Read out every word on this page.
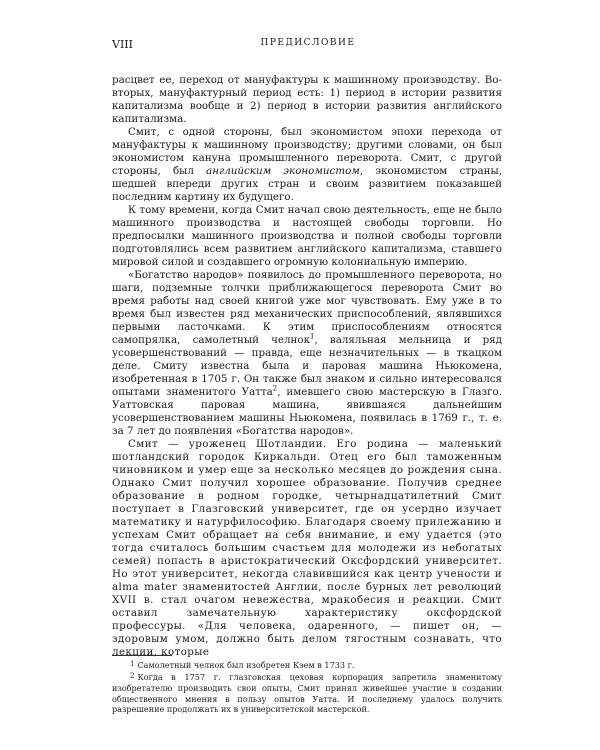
VIII	ПРЕДИСЛОВИЕ

расцвет ее, переход от мануфактуры к машинному производству. Во-вторых, мануфактурный период есть: 1) период в истории развития капитализма вообще и 2) период в истории развития английского капитализма.

Смит, с одной стороны, был экономистом эпохи перехода от мануфактуры к машинному производству; другими словами, он был экономистом кануна промышленного переворота. Смит, с другой стороны, был английским экономистом, экономистом страны, шедшей впереди других стран и своим развитием показавшей последним картину их будущего.

К тому времени, когда Смит начал свою деятельность, еще не было машинного производства и настоящей свободы торговли. Но предпосылки машинного производства и полной свободы торговли подготовлялись всем развитием английского капитализма, ставшего мировой силой и создавшего огромную колониальную империю.

«Богатство народов» появилось до промышленного переворота, но шаги, подземные толчки приближающегося переворота Смит во время работы над своей книгой уже мог чувствовать. Ему уже в то время был известен ряд механических приспособлений, являвшихся первыми ласточками. К этим приспособлениям относятся самопрялка, самолетный челнок$^1$, валяльная мельница и ряд усовершенствований — правда, еще незначительных — в ткацком деле. Смиту известна была и паровая машина Ньюкомена, изобретенная в 1705 г. Он также был знаком и сильно интересовался опытами знаменитого Уатта$^2$, имевшего свою мастерскую в Глазго. Уаттовская паровая машина, явившаяся дальнейшим усовершенствованием машины Ньюкомена, появилась в 1769 г., т. е. за 7 лет до появления «Богатства народов».

Смит — уроженец Шотландии. Его родина — маленький шотландский городок Киркальди. Отец его был таможенным чиновником и умер еще за несколько месяцев до рождения сына. Однако Смит получил хорошее образование. Получив среднее образование в родном городке, четырнадцатилетний Смит поступает в Глазговский университет, где он усердно изучает математику и натурфилософию. Благодаря своему прилежанию и успехам Смит обращает на себя внимание, и ему удается (это тогда считалось большим счастьем для молодежи из небогатых семей) попасть в аристократический Оксфордский университет. Но этот университет, некогда славившийся как центр учености и alma mater знаменитостей Англии, после бурных лет революций XVII в. стал очагом невежества, мракобесия и реакции. Смит оставил замечательную характеристику оксфордской профессуры. «Для человека, одаренного, — пишет он, — здоровым умом, должно быть делом тягостным сознавать, что лекции, которые

1 Самолетный челнок был изобретен Кэем в 1733 г.

2 Когда в 1757 г. глазговская цеховая корпорация запретила знаменитому изобретателю производить свои опыты, Смит принял живейшее участие в создании общественного мнения в пользу опытов Уатта. И последнему удалось получить разрешение продолжать их в университетской мастерской.
